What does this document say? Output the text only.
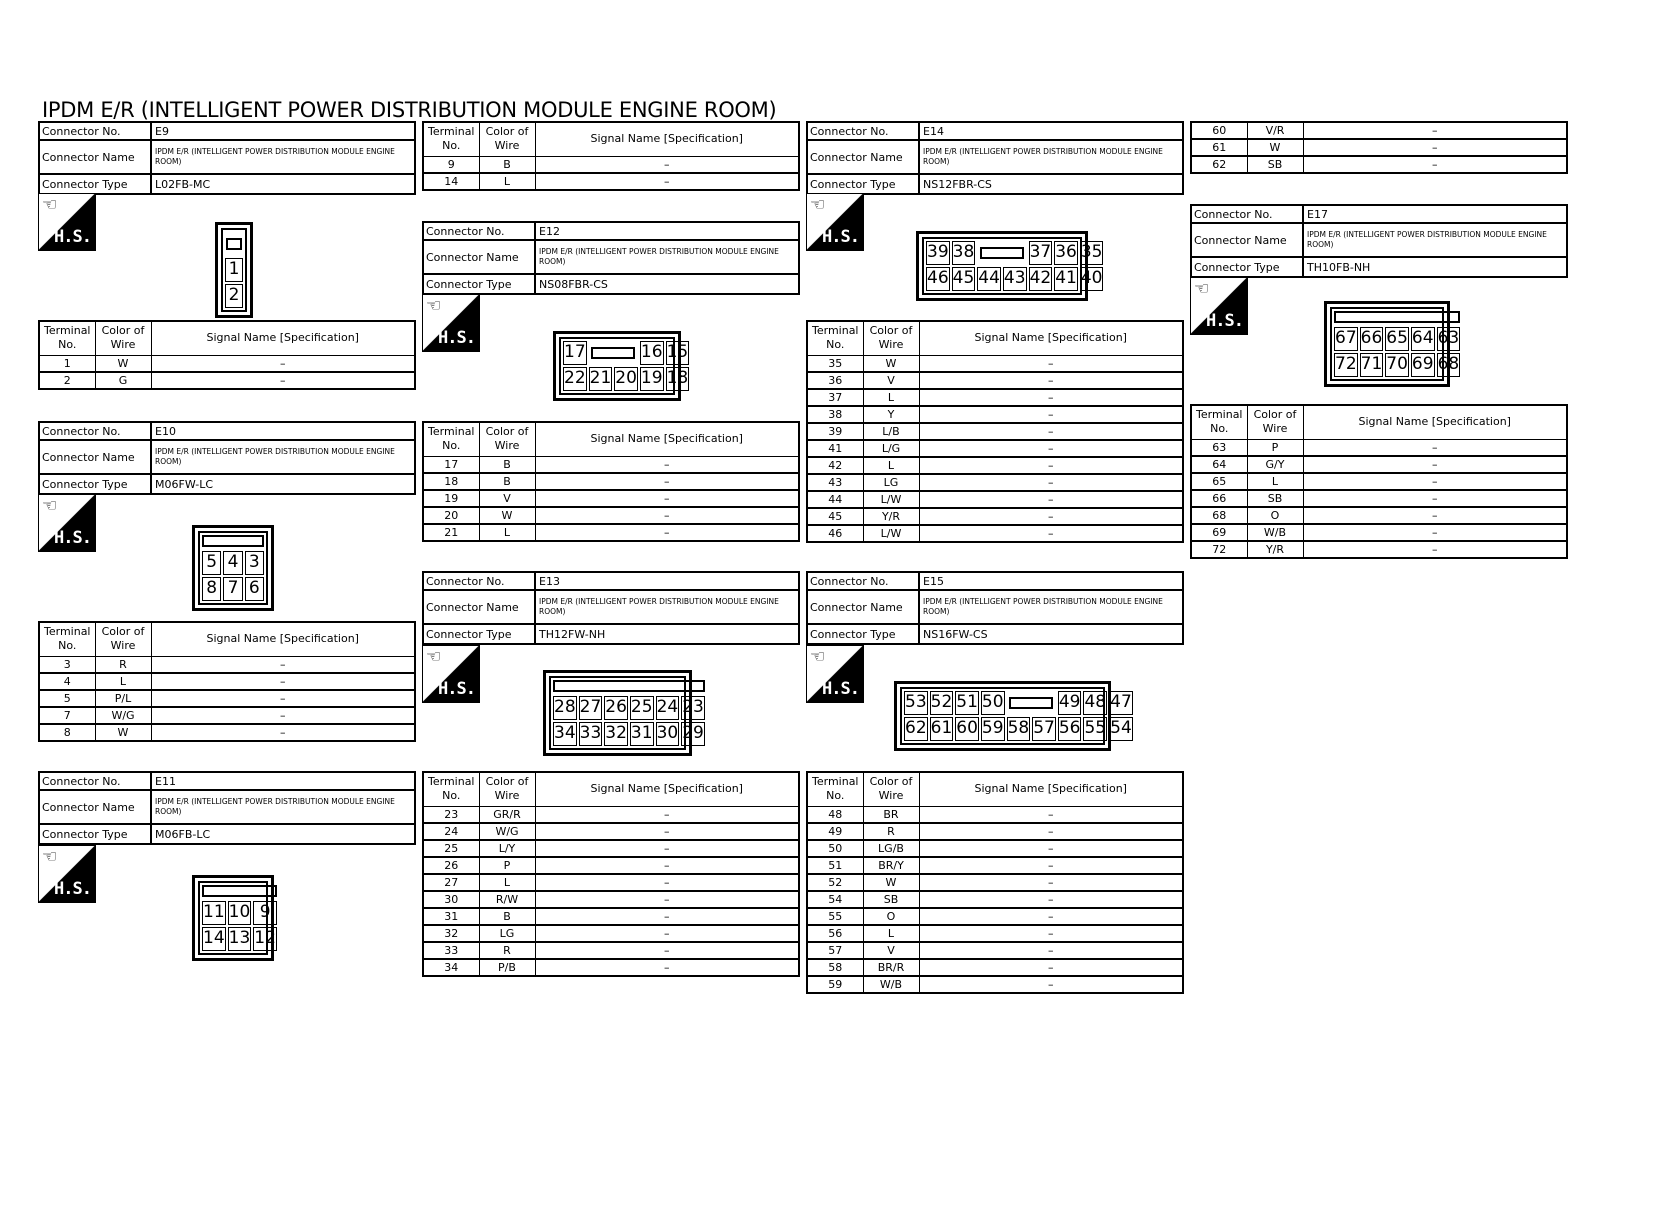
IPDM E/R (INTELLIGENT POWER DISTRIBUTION MODULE ENGINE ROOM)
Connector No.	E9
Connector Name	IPDM E/R (INTELLIGENT POWER DISTRIBUTION MODULE ENGINE ROOM)
Connector Type	L02FB-MC
☜
H.S.
Terminal No.	Color of Wire	Signal Name [Specification]
1	W	–
2	G	–
Connector No.	E10
Connector Name	IPDM E/R (INTELLIGENT POWER DISTRIBUTION MODULE ENGINE ROOM)
Connector Type	M06FW-LC
☜
H.S.
Terminal No.	Color of Wire	Signal Name [Specification]
3	R	–
4	L	–
5	P/L	–
7	W/G	–
8	W	–
Connector No.	E11
Connector Name	IPDM E/R (INTELLIGENT POWER DISTRIBUTION MODULE ENGINE ROOM)
Connector Type	M06FB-LC
☜
H.S.
Terminal No.	Color of Wire	Signal Name [Specification]
9	B	–
14	L	–
Connector No.	E12
Connector Name	IPDM E/R (INTELLIGENT POWER DISTRIBUTION MODULE ENGINE ROOM)
Connector Type	NS08FBR-CS
☜
H.S.
Terminal No.	Color of Wire	Signal Name [Specification]
17	B	–
18	B	–
19	V	–
20	W	–
21	L	–
Connector No.	E13
Connector Name	IPDM E/R (INTELLIGENT POWER DISTRIBUTION MODULE ENGINE ROOM)
Connector Type	TH12FW-NH
☜
H.S.
Terminal No.	Color of Wire	Signal Name [Specification]
23	GR/R	–
24	W/G	–
25	L/Y	–
26	P	–
27	L	–
30	R/W	–
31	B	–
32	LG	–
33	R	–
34	P/B	–
Connector No.	E14
Connector Name	IPDM E/R (INTELLIGENT POWER DISTRIBUTION MODULE ENGINE ROOM)
Connector Type	NS12FBR-CS
☜
H.S.
Terminal No.	Color of Wire	Signal Name [Specification]
35	W	–
36	V	–
37	L	–
38	Y	–
39	L/B	–
41	L/G	–
42	L	–
43	LG	–
44	L/W	–
45	Y/R	–
46	L/W	–
Connector No.	E15
Connector Name	IPDM E/R (INTELLIGENT POWER DISTRIBUTION MODULE ENGINE ROOM)
Connector Type	NS16FW-CS
☜
H.S.
Terminal No.	Color of Wire	Signal Name [Specification]
48	BR	–
49	R	–
50	LG/B	–
51	BR/Y	–
52	W	–
54	SB	–
55	O	–
56	L	–
57	V	–
58	BR/R	–
59	W/B	–
60	V/R	–
61	W	–
62	SB	–
Connector No.	E17
Connector Name	IPDM E/R (INTELLIGENT POWER DISTRIBUTION MODULE ENGINE ROOM)
Connector Type	TH10FB-NH
☜
H.S.
Terminal No.	Color of Wire	Signal Name [Specification]
63	P	–
64	G/Y	–
65	L	–
66	SB	–
68	O	–
69	W/B	–
72	Y/R	–
1
2
5 4 3
8 7 6
11 10 9
14 13 12
17	16 15
22 21 20 19 18
28 27 26 25 24 23
34 33 32 31 30 29
39 38	37 36 35
46 45 44 43 42 41 40
53 52 51 50	49 48 47
62 61 60 59 58 57 56 55 54
67 66 65 64 63
72 71 70 69 68
